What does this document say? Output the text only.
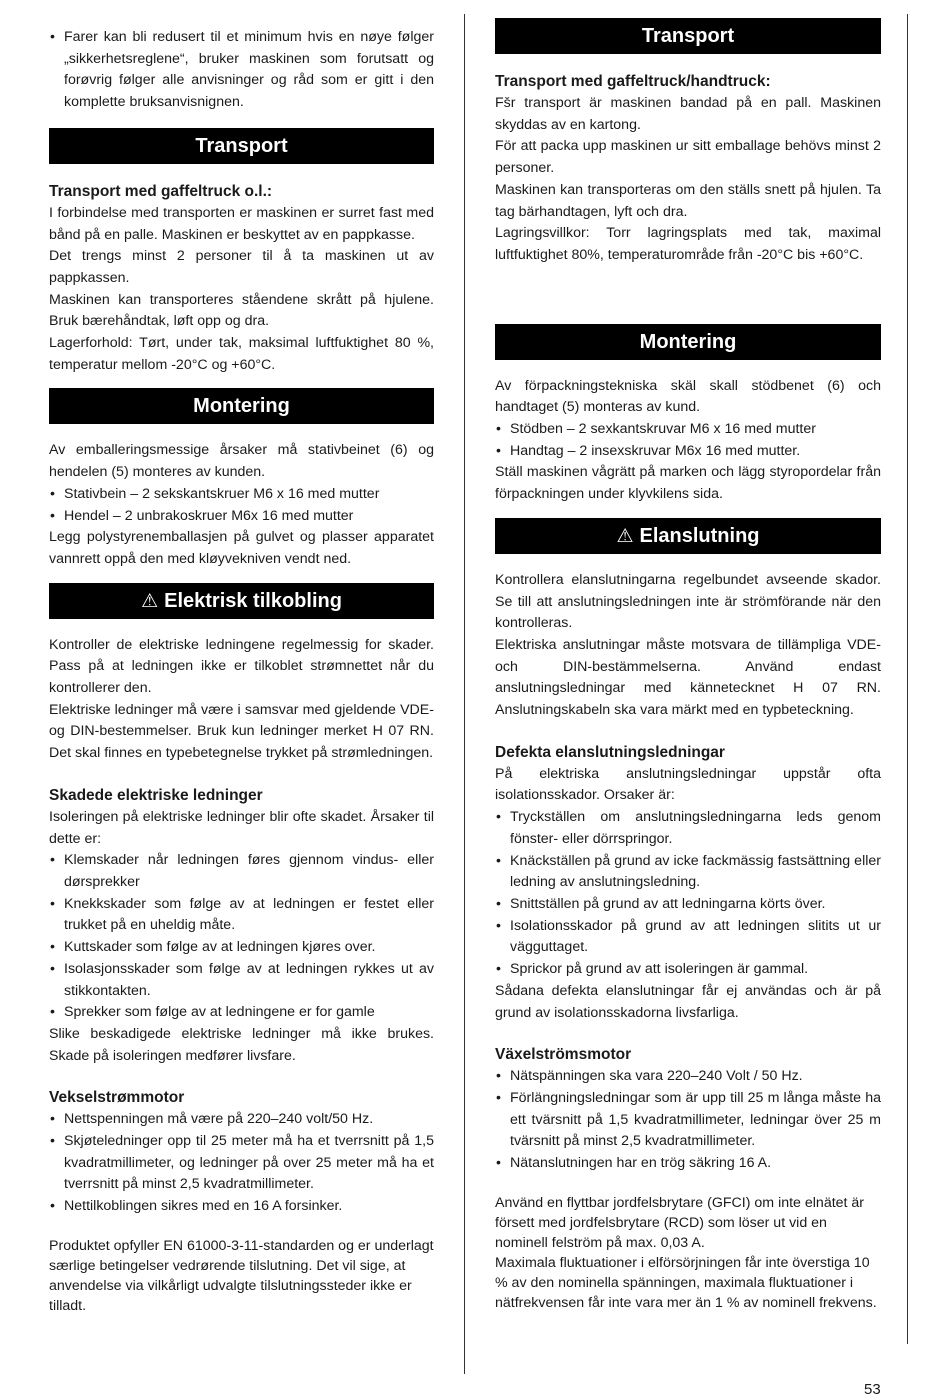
• Farer kan bli redusert til et minimum hvis en nøye følger „sikkerhetsreglene“, bruker maskinen som forutsatt og forøvrig følger alle anvisninger og råd som er gitt i den komplette bruksanvisnignen.

Transport

Transport med gaffeltruck o.l.:

I forbindelse med transporten er maskinen er surret fast med bånd på en palle. Maskinen er beskyttet av en pappkasse.

Det trengs minst 2 personer til å ta maskinen ut av pappkassen.

Maskinen kan transporteres ståendene skrått på hjulene. Bruk bærehåndtak, løft opp og dra.

Lagerforhold: Tørt, under tak, maksimal luftfuktighet 80 %, temperatur mellom -20°C og +60°C.

Montering

Av emballeringsmessige årsaker må stativbeinet (6) og hendelen (5) monteres av kunden.

• Stativbein – 2 sekskantskruer M6 x 16 med mutter

• Hendel – 2 unbrakoskruer M6x 16 med mutter

Legg polystyrenemballasjen på gulvet og plasser apparatet vannrett oppå den med kløyvekniven vendt ned.

⚠ Elektrisk tilkobling

Kontroller de elektriske ledningene regelmessig for skader. Pass på at ledningen ikke er tilkoblet strømnettet når du kontrollerer den.

Elektriske ledninger må være i samsvar med gjeldende VDE- og DIN-bestemmelser. Bruk kun ledninger merket H 07 RN. Det skal finnes en typebetegnelse trykket på strømledningen.

Skadede elektriske ledninger

Isoleringen på elektriske ledninger blir ofte skadet. Årsaker til dette er:

• Klemskader når ledningen føres gjennom vindus- eller dørsprekker

• Knekkskader som følge av at ledningen er festet eller trukket på en uheldig måte.

• Kuttskader som følge av at ledningen kjøres over.

• Isolasjonsskader som følge av at ledningen rykkes ut av stikkontakten.

• Sprekker som følge av at ledningene er for gamle

Slike beskadigede elektriske ledninger må ikke brukes. Skade på isoleringen medfører livsfare.

Vekselstrømmotor

• Nettspenningen må være på 220–240 volt/50 Hz.

• Skjøteledninger opp til 25 meter må ha et tverrsnitt på 1,5 kvadratmillimeter, og ledninger på over 25 meter må ha et tverrsnitt på minst 2,5 kvadratmillimeter.

• Nettilkoblingen sikres med en 16 A forsinker.

Produktet opfyller EN 61000-3-11-standarden og er underlagt særlige betingelser vedrørende tilslutning. Det vil sige, at anvendelse via vilkårligt udvalgte tilslutningssteder ikke er tilladt.

Transport

Transport med gaffeltruck/handtruck:

Fšr transport är maskinen bandad på en pall. Maskinen skyddas av en kartong.

För att packa upp maskinen ur sitt emballage behövs minst 2 personer.

Maskinen kan transporteras om den ställs snett på hjulen. Ta tag bärhandtagen, lyft och dra.

Lagringsvillkor: Torr lagringsplats med tak, maximal luftfuktighet 80%, temperaturområde från -20°C bis +60°C.

Montering

Av förpackningstekniska skäl skall stödbenet (6) och handtaget (5) monteras av kund.

• Stödben – 2 sexkantskruvar M6 x 16 med mutter

• Handtag – 2 insexskruvar M6x 16 med mutter.

Ställ maskinen vågrätt på marken och lägg styropordelar från förpackningen under klyvkilens sida.

⚠ Elanslutning

Kontrollera elanslutningarna regelbundet avseende skador. Se till att anslutningsledningen inte är strömförande när den kontrolleras.

Elektriska anslutningar måste motsvara de tillämpliga VDE- och DIN-bestämmelserna. Använd endast anslutningsledningar med kännetecknet H 07 RN. Anslutningskabeln ska vara märkt med en typbeteckning.

Defekta elanslutningsledningar

På elektriska anslutningsledningar uppstår ofta isolationsskador. Orsaker är:

• Tryckställen om anslutningsledningarna leds genom fönster- eller dörrspringor.

• Knäckställen på grund av icke fackmässig fastsättning eller ledning av anslutningsledning.

• Snittställen på grund av att ledningarna körts över.

• Isolationsskador på grund av att ledningen slitits ut ur vägguttaget.

• Sprickor på grund av att isoleringen är gammal.

Sådana defekta elanslutningar får ej användas och är på grund av isolationsskadorna livsfarliga.

Växelströmsmotor

• Nätspänningen ska vara 220–240 Volt / 50 Hz.

• Förlängningsledningar som är upp till 25 m långa måste ha ett tvärsnitt på 1,5 kvadratmillimeter, ledningar över 25 m tvärsnitt på minst 2,5 kvadratmillimeter.

• Nätanslutningen har en trög säkring 16 A.

Använd en flyttbar jordfelsbrytare (GFCI) om inte elnätet är försett med jordfelsbrytare (RCD) som löser ut vid en nominell felström på max. 0,03 A.

Maximala fluktuationer i elförsörjningen får inte överstiga 10 % av den nominella spänningen, maximala fluktuationer i nätfrekvensen får inte vara mer än 1 % av nominell frekvens.

53
